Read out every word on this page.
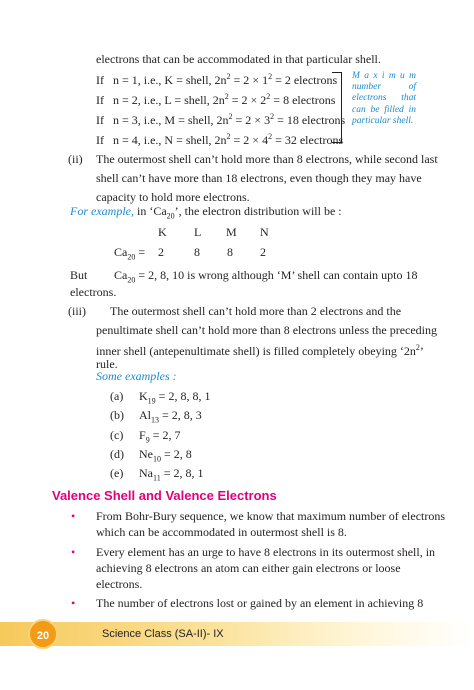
electrons that can be accommodated in that particular shell.
If n = 1, i.e., K = shell, $2n^2 = 2 \times 1^2 = 2$ electrons
If n = 2, i.e., L = shell, $2n^2 = 2 \times 2^2 = 8$ electrons
If n = 3, i.e., M = shell, $2n^2 = 2 \times 3^2 = 18$ electrons
If n = 4, i.e., N = shell, $2n^2 = 2 \times 4^2 = 32$ electrons
M a x i m u m number of electrons that can be filled in particular shell.
(ii) The outermost shell can’t hold more than 8 electrons, while second last
shell can’t have more than 18 electrons, even though they may have
capacity to hold more electrons.
For example, in ‘$Ca_{20}$’, the electron distribution will be :
K L M N
$Ca_{20} = 2$	8 8 2
But $Ca_{20} = 2$, 8, 10 is wrong although ‘M’ shell can contain upto 18
electrons.
(iii) The outermost shell can’t hold more than 2 electrons and the
penultimate shell can’t hold more than 8 electrons unless the preceding
inner shell (antepenultimate shell) is filled completely obeying ‘$2n^2$’
rule.
Some examples :
(a) $K_{19} = 2$, 8, 8, 1
(b) $Al_{13} = 2$, 8, 3
(c) $F_9 = 2$, 7
(d) $Ne_{10} = 2$, 8
(e) $Na_{11} = 2$, 8, 1
Valence Shell and Valence Electrons
• From Bohr-Bury sequence, we know that maximum number of electrons
which can be accommodated in outermost shell is 8.
• Every element has an urge to have 8 electrons in its outermost shell, in
achieving 8 electrons an atom can either gain electrons or loose
electrons.
• The number of electrons lost or gained by an element in achieving 8
20	Science Class (SA-II)- IX
